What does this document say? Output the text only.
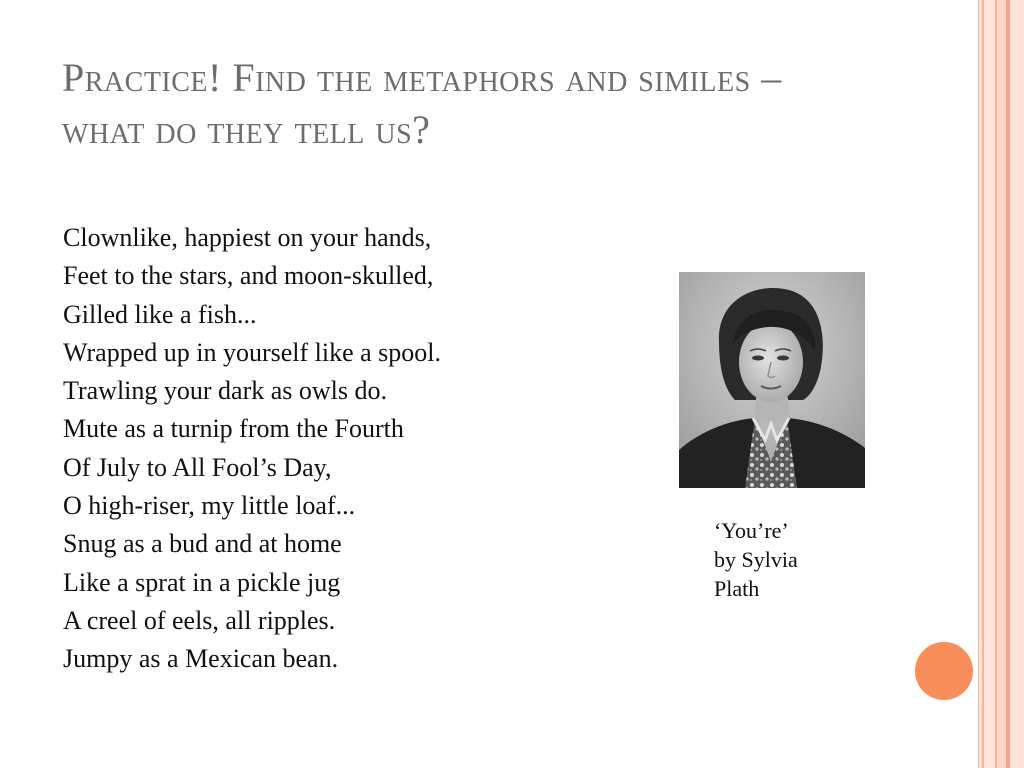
Practice! Find the metaphors and similes – what do they tell us?
Clownlike, happiest on your hands,
Feet to the stars, and moon-skulled,
Gilled like a fish...
Wrapped up in yourself like a spool.
Trawling your dark as owls do.
Mute as a turnip from the Fourth
Of July to All Fool’s Day,
O high-riser, my little loaf...
Snug as a bud and at home
Like a sprat in a pickle jug
A creel of eels, all ripples.
Jumpy as a Mexican bean.
‘You’re’
by Sylvia
Plath
